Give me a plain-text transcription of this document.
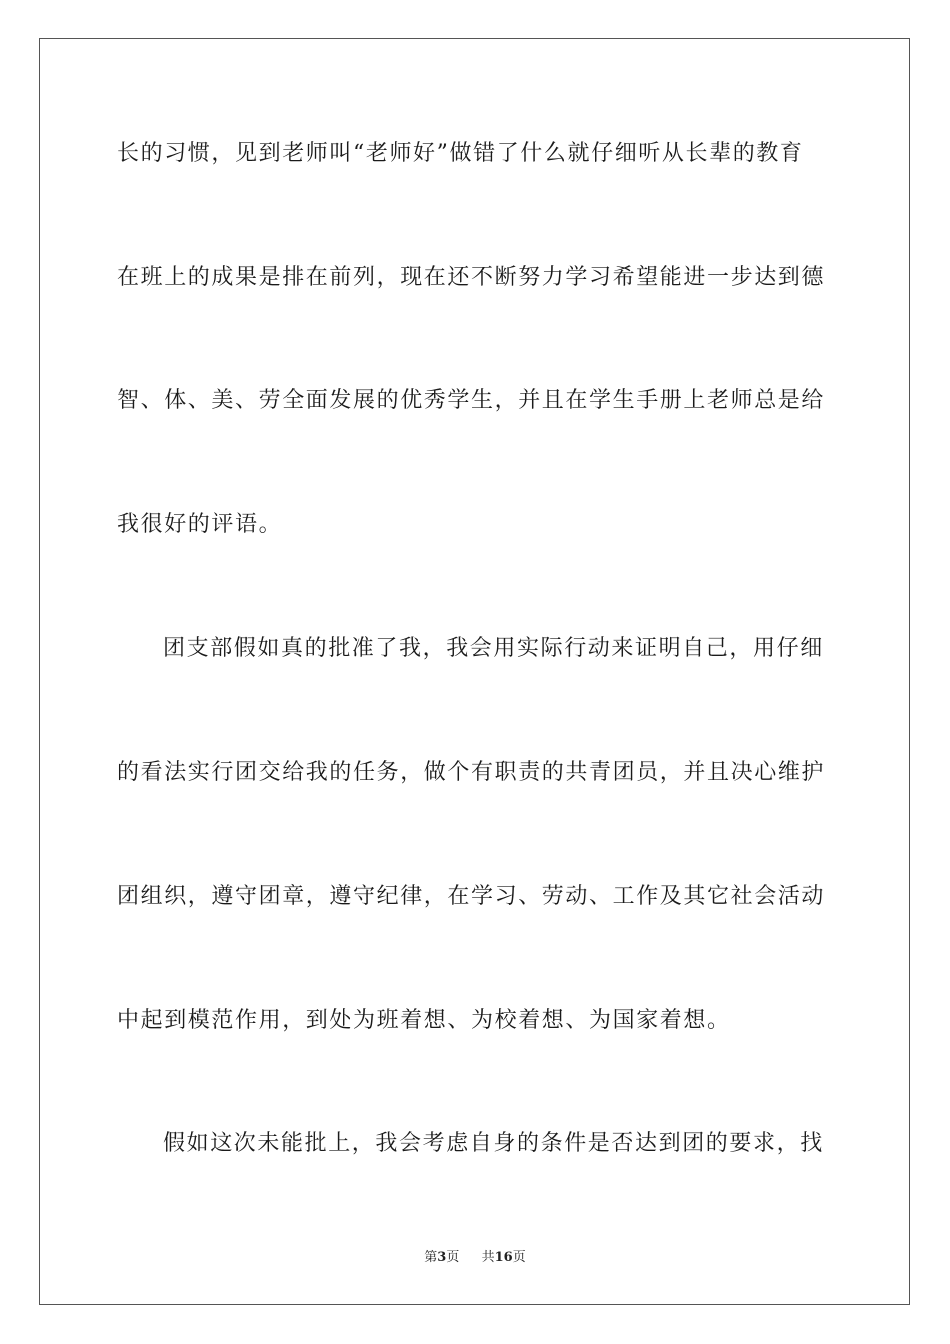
长的习惯，见到老师叫“老师好”做错了什么就仔细听从长辈的教育

在班上的成果是排在前列，现在还不断努力学习希望能进一步达到德

智、体、美、劳全面发展的优秀学生，并且在学生手册上老师总是给

我很好的评语。

团支部假如真的批准了我，我会用实际行动来证明自己，用仔细

的看法实行团交给我的任务，做个有职责的共青团员，并且决心维护

团组织，遵守团章，遵守纪律，在学习、劳动、工作及其它社会活动

中起到模范作用，到处为班着想、为校着想、为国家着想。

假如这次未能批上，我会考虑自身的条件是否达到团的要求，找

第3页 共16页
